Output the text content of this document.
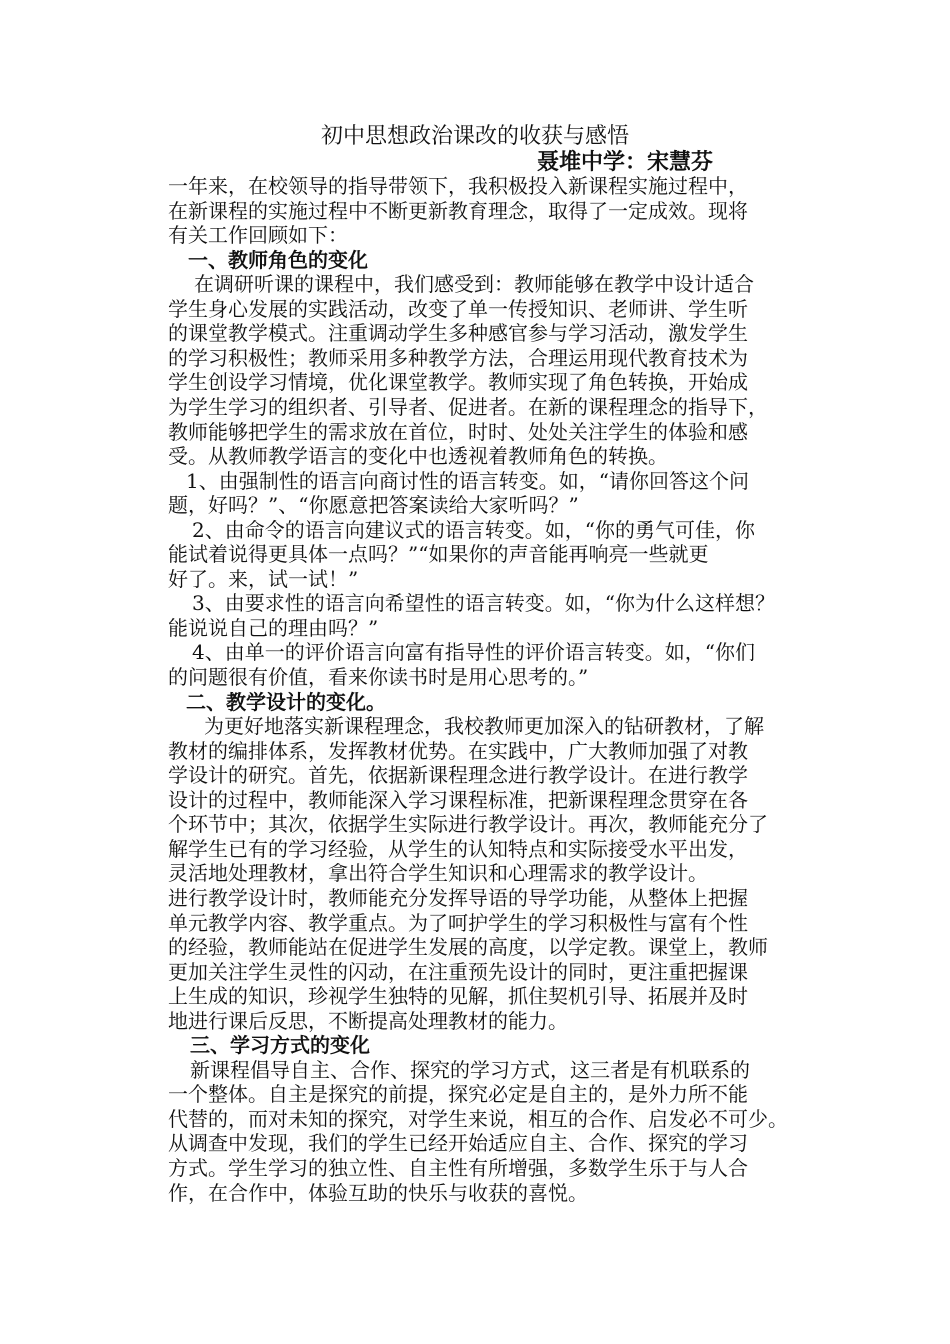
初中思想政治课改的收获与感悟
聂堆中学：宋慧芬
一年来，在校领导的指导带领下，我积极投入新课程实施过程中，
在新课程的实施过程中不断更新教育理念，取得了一定成效。现将
有关工作回顾如下：
一、教师角色的变化
在调研听课的课程中，我们感受到：教师能够在教学中设计适合
学生身心发展的实践活动，改变了单一传授知识、老师讲、学生听
的课堂教学模式。注重调动学生多种感官参与学习活动，激发学生
的学习积极性；教师采用多种教学方法，合理运用现代教育技术为
学生创设学习情境，优化课堂教学。教师实现了角色转换，开始成
为学生学习的组织者、引导者、促进者。在新的课程理念的指导下，
教师能够把学生的需求放在首位，时时、处处关注学生的体验和感
受。从教师教学语言的变化中也透视着教师角色的转换。
1、由强制性的语言向商讨性的语言转变。如，“请你回答这个问
题，好吗？”、“你愿意把答案读给大家听吗？”
2、由命令的语言向建议式的语言转变。如，“你的勇气可佳，你
能试着说得更具体一点吗？”“如果你的声音能再响亮一些就更
好了。来，试一试！”
3、由要求性的语言向希望性的语言转变。如，“你为什么这样想？
能说说自己的理由吗？”
4、由单一的评价语言向富有指导性的评价语言转变。如，“你们
的问题很有价值，看来你读书时是用心思考的。”
二、教学设计的变化。
为更好地落实新课程理念，我校教师更加深入的钻研教材，了解
教材的编排体系，发挥教材优势。在实践中，广大教师加强了对教
学设计的研究。首先，依据新课程理念进行教学设计。在进行教学
设计的过程中，教师能深入学习课程标准，把新课程理念贯穿在各
个环节中；其次，依据学生实际进行教学设计。再次，教师能充分了
解学生已有的学习经验，从学生的认知特点和实际接受水平出发，
灵活地处理教材，拿出符合学生知识和心理需求的教学设计。
进行教学设计时，教师能充分发挥导语的导学功能，从整体上把握
单元教学内容、教学重点。为了呵护学生的学习积极性与富有个性
的经验，教师能站在促进学生发展的高度，以学定教。课堂上，教师
更加关注学生灵性的闪动，在注重预先设计的同时，更注重把握课
上生成的知识，珍视学生独特的见解，抓住契机引导、拓展并及时
地进行课后反思，不断提高处理教材的能力。
三、学习方式的变化
新课程倡导自主、合作、探究的学习方式，这三者是有机联系的
一个整体。自主是探究的前提，探究必定是自主的，是外力所不能
代替的，而对未知的探究，对学生来说，相互的合作、启发必不可少。
从调查中发现，我们的学生已经开始适应自主、合作、探究的学习
方式。学生学习的独立性、自主性有所增强，多数学生乐于与人合
作，在合作中，体验互助的快乐与收获的喜悦。
